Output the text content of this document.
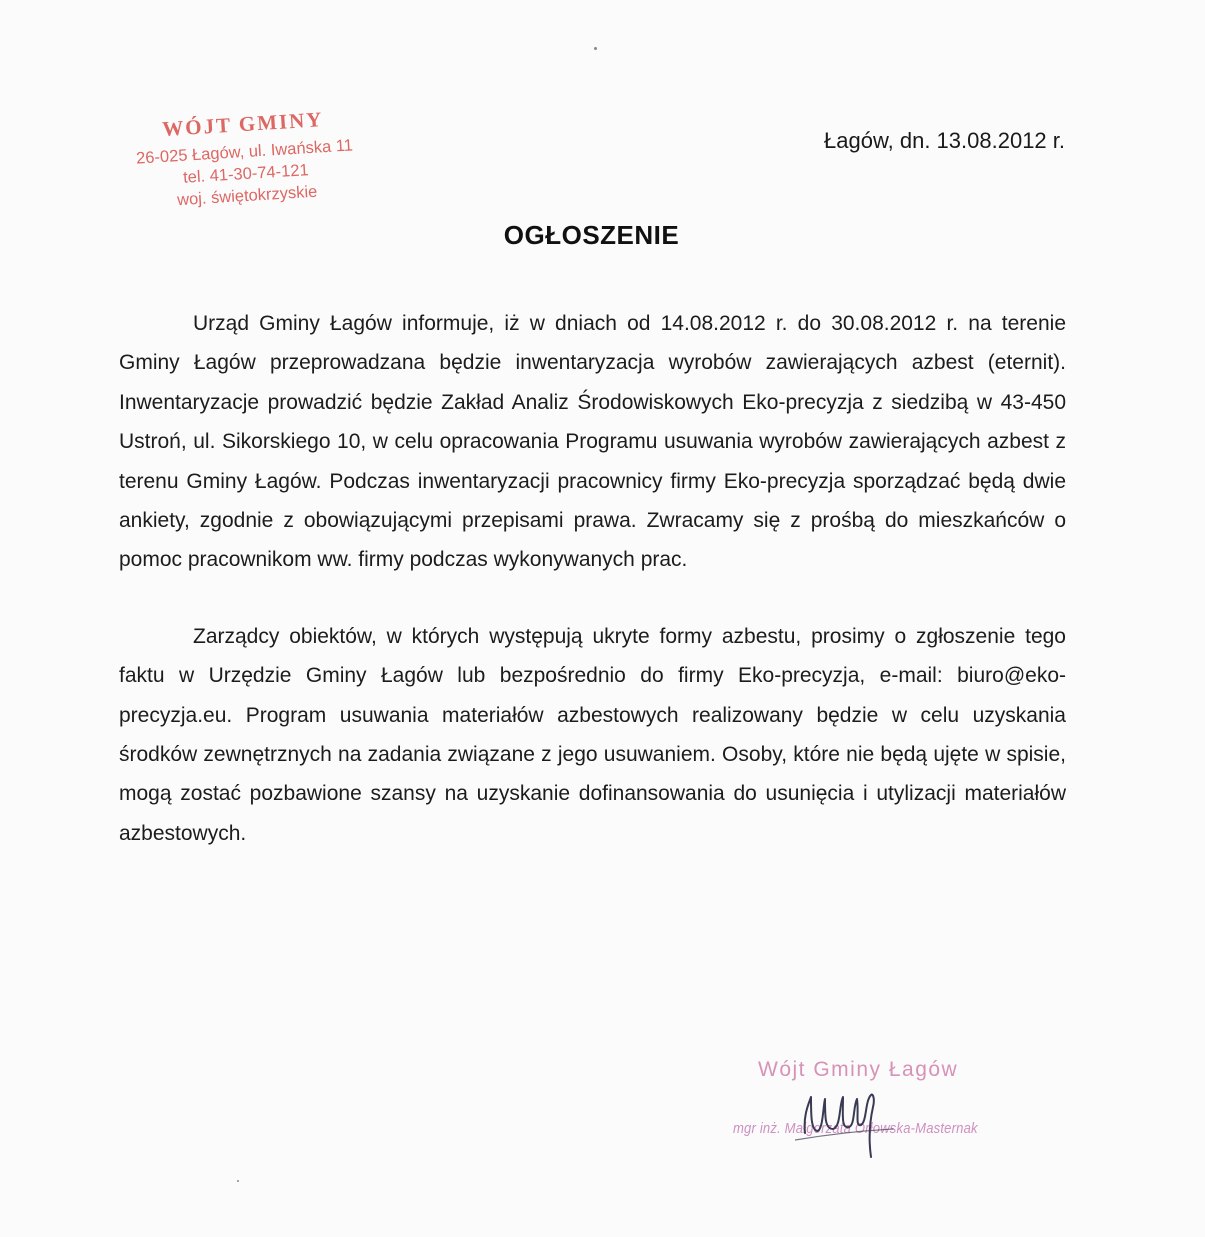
WÓJT GMINY
26-025 Łagów, ul. Iwańska 11
tel. 41-30-74-121
woj. świętokrzyskie
Łagów, dn. 13.08.2012 r.
OGŁOSZENIE

Urząd Gminy Łagów informuje, iż w dniach od 14.08.2012 r. do 30.08.2012 r. na terenie Gminy Łagów przeprowadzana będzie inwentaryzacja wyrobów zawierających azbest (eternit). Inwentaryzacje prowadzić będzie Zakład Analiz Środowiskowych Eko-precyzja z siedzibą w 43-450 Ustroń, ul. Sikorskiego 10, w celu opracowania Programu usuwania wyrobów zawierających azbest z terenu Gminy Łagów. Podczas inwentaryzacji pracownicy firmy Eko-precyzja sporządzać będą dwie ankiety, zgodnie z obowiązującymi przepisami prawa. Zwracamy się z prośbą do mieszkańców o pomoc pracownikom ww. firmy podczas wykonywanych prac.

Zarządcy obiektów, w których występują ukryte formy azbestu, prosimy o zgłoszenie tego faktu w Urzędzie Gminy Łagów lub bezpośrednio do firmy Eko-precyzja, e-mail: biuro@eko-precyzja.eu. Program usuwania materiałów azbestowych realizowany będzie w celu uzyskania środków zewnętrznych na zadania związane z jego usuwaniem. Osoby, które nie będą ujęte w spisie, mogą zostać pozbawione szansy na uzyskanie dofinansowania do usunięcia i utylizacji materiałów azbestowych.

Wójt Gminy Łagów
mgr inż. Małgorzata Orłowska-Masternak
